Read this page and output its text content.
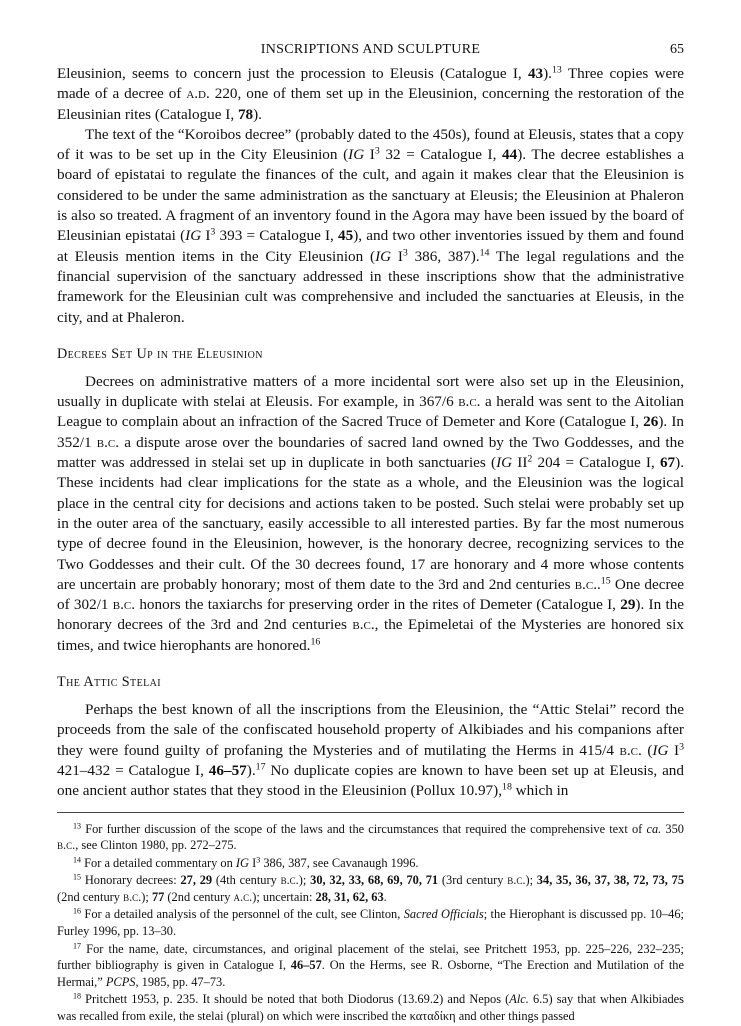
INSCRIPTIONS AND SCULPTURE	65

Eleusinion, seems to concern just the procession to Eleusis (Catalogue I, 43).$^{13}$ Three copies were made of a decree of a.d. 220, one of them set up in the Eleusinion, concerning the restoration of the Eleusinian rites (Catalogue I, 78).

The text of the “Koroibos decree” (probably dated to the 450s), found at Eleusis, states that a copy of it was to be set up in the City Eleusinion (IG $I^3$ 32 = Catalogue I, 44). The decree establishes a board of epistatai to regulate the finances of the cult, and again it makes clear that the Eleusinion is considered to be under the same administration as the sanctuary at Eleusis; the Eleusinion at Phaleron is also so treated. A fragment of an inventory found in the Agora may have been issued by the board of Eleusinian epistatai (IG $I^3$ 393 = Catalogue I, 45), and two other inventories issued by them and found at Eleusis mention items in the City Eleusinion (IG $I^3$ 386, 387).$^{14}$ The legal regulations and the financial supervision of the sanctuary addressed in these inscriptions show that the administrative framework for the Eleusinian cult was comprehensive and included the sanctuaries at Eleusis, in the city, and at Phaleron.

Decrees Set Up in the Eleusinion

Decrees on administrative matters of a more incidental sort were also set up in the Eleusinion, usually in duplicate with stelai at Eleusis. For example, in 367/6 b.c. a herald was sent to the Aitolian League to complain about an infraction of the Sacred Truce of Demeter and Kore (Catalogue I, 26). In 352/1 b.c. a dispute arose over the boundaries of sacred land owned by the Two Goddesses, and the matter was addressed in stelai set up in duplicate in both sanctuaries (IG $II^2$ 204 = Catalogue I, 67). These incidents had clear implications for the state as a whole, and the Eleusinion was the logical place in the central city for decisions and actions taken to be posted. Such stelai were probably set up in the outer area of the sanctuary, easily accessible to all interested parties. By far the most numerous type of decree found in the Eleusinion, however, is the honorary decree, recognizing services to the Two Goddesses and their cult. Of the 30 decrees found, 17 are honorary and 4 more whose contents are uncertain are probably honorary; most of them date to the 3rd and 2nd centuries b.c..$^{15}$ One decree of 302/1 b.c. honors the taxiarchs for preserving order in the rites of Demeter (Catalogue I, 29). In the honorary decrees of the 3rd and 2nd centuries b.c., the Epimeletai of the Mysteries are honored six times, and twice hierophants are honored.$^{16}$

The Attic Stelai

Perhaps the best known of all the inscriptions from the Eleusinion, the “Attic Stelai” record the proceeds from the sale of the confiscated household property of Alkibiades and his companions after they were found guilty of profaning the Mysteries and of mutilating the Herms in 415/4 b.c. (IG $I^3$ 421–432 = Catalogue I, 46–57).$^{17}$ No duplicate copies are known to have been set up at Eleusis, and one ancient author states that they stood in the Eleusinion (Pollux 10.97),$^{18}$ which in

$^{13}$ For further discussion of the scope of the laws and the circumstances that required the comprehensive text of ca. 350 b.c., see Clinton 1980, pp. 272–275.

$^{14}$ For a detailed commentary on IG $I^3$ 386, 387, see Cavanaugh 1996.

$^{15}$ Honorary decrees: 27, 29 (4th century b.c.); 30, 32, 33, 68, 69, 70, 71 (3rd century b.c.); 34, 35, 36, 37, 38, 72, 73, 75 (2nd century b.c.); 77 (2nd century a.c.); uncertain: 28, 31, 62, 63.

$^{16}$ For a detailed analysis of the personnel of the cult, see Clinton, Sacred Officials; the Hierophant is discussed pp. 10–46; Furley 1996, pp. 13–30.

$^{17}$ For the name, date, circumstances, and original placement of the stelai, see Pritchett 1953, pp. 225–226, 232–235; further bibliography is given in Catalogue I, 46–57. On the Herms, see R. Osborne, “The Erection and Mutilation of the Hermai,” PCPS, 1985, pp. 47–73.

$^{18}$ Pritchett 1953, p. 235. It should be noted that both Diodorus (13.69.2) and Nepos (Alc. 6.5) say that when Alkibiades was recalled from exile, the stelai (plural) on which were inscribed the καταδίκη and other things passed
